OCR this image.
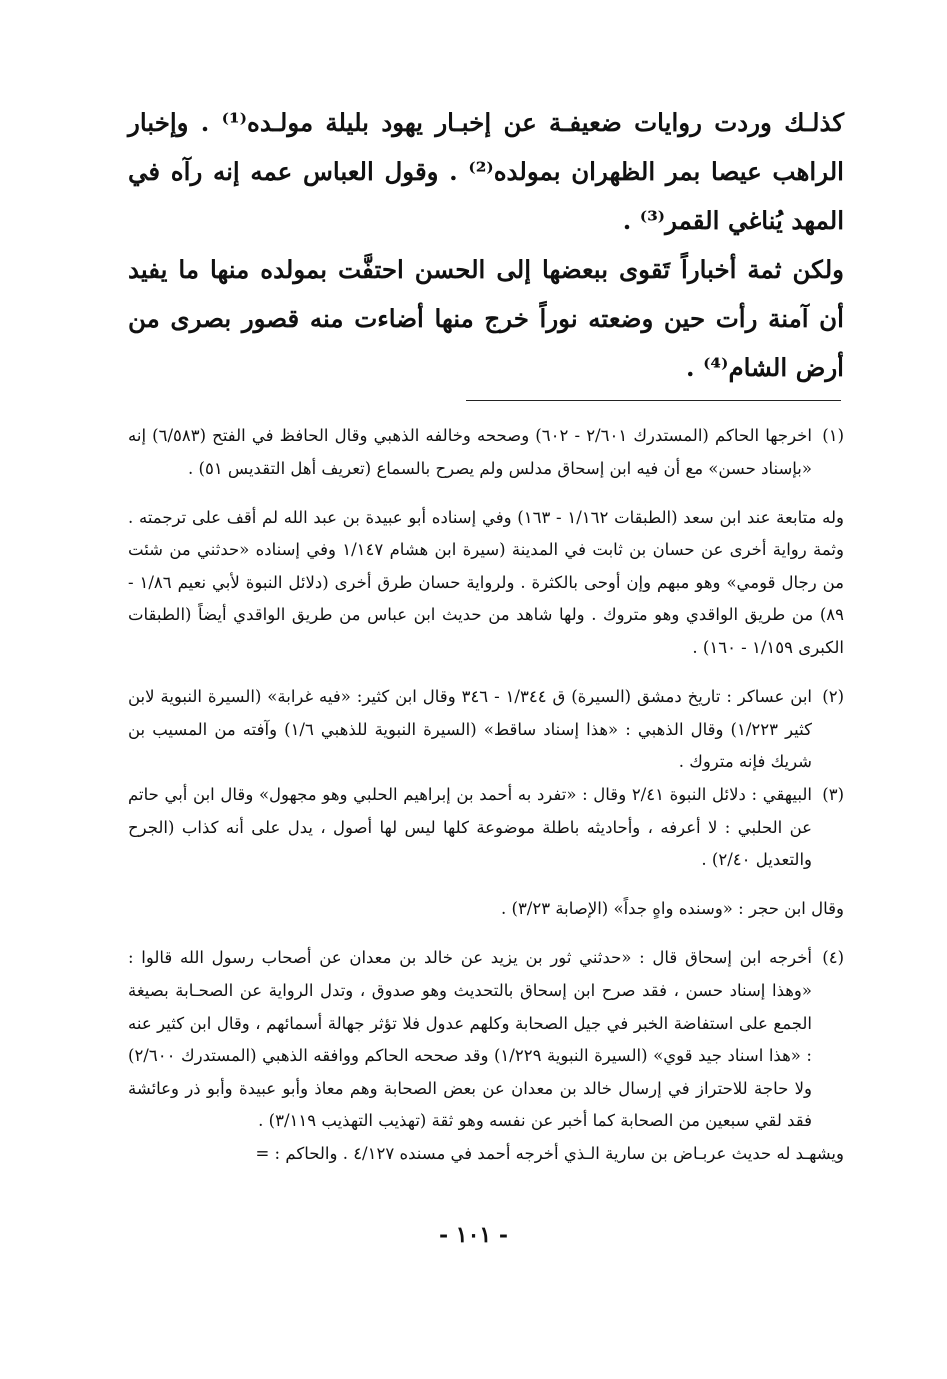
كذلـك وردت روايات ضعيفـة عن إخبـار يهود بليلة مولـده⁽¹⁾ . وإخبار الراهب عيصا بمر الظهران بمولده⁽²⁾ . وقول العباس عمه إنه رآه في المهد يُناغي القمر⁽³⁾ .

ولكن ثمة أخباراً تَقوى ببعضها إلى الحسن احتفَّت بمولده منها ما يفيد أن آمنة رأت حين وضعته نوراً خرج منها أضاءت منه قصور بصرى من أرض الشام⁽⁴⁾ .

(١)

اخرجها الحاكم (المستدرك ٢/٦٠١ - ٦٠٢) وصححه وخالفه الذهبي وقال الحافظ في الفتح (٦/٥٨٣) إنه «بإسناد حسن» مع أن فيه ابن إسحاق مدلس ولم يصرح بالسماع (تعريف أهل التقديس ٥١) .

وله متابعة عند ابن سعد (الطبقات ١/١٦٢ - ١٦٣) وفي إسناده أبو عبيدة بن عبد الله لم أقف على ترجمته . وثمة رواية أخرى عن حسان بن ثابت في المدينة (سيرة ابن هشام ١/١٤٧ وفي إسناده «حدثني من شئت من رجال قومي» وهو مبهم وإن أوحى بالكثرة . ولرواية حسان طرق أخرى (دلائل النبوة لأبي نعيم ١/٨٦ - ٨٩) من طريق الواقدي وهو متروك . ولها شاهد من حديث ابن عباس من طريق الواقدي أيضاً (الطبقات الكبرى ١/١٥٩ - ١٦٠) .

(٢)

ابن عساكر : تاريخ دمشق (السيرة) ق ١/٣٤٤ - ٣٤٦ وقال ابن كثير: «فيه غرابة» (السيرة النبوية لابن كثير ١/٢٢٣) وقال الذهبي : «هذا إسناد ساقط» (السيرة النبوية للذهبي ١/٦) وآفته من المسيب بن شريك فإنه متروك .

(٣)

البيهقي : دلائل النبوة ٢/٤١ وقال : «تفرد به أحمد بن إبراهيم الحلبي وهو مجهول» وقال ابن أبي حاتم عن الحلبي : لا أعرفه ، وأحاديثه باطلة موضوعة كلها ليس لها أصول ، يدل على أنه كذاب (الجرح والتعديل ٢/٤٠) .

وقال ابن حجر : «وسنده واهٍ جداً» (الإصابة ٣/٢٣) .

(٤)

أخرجه ابن إسحاق قال : «حدثني ثور بن يزيد عن خالد بن معدان عن أصحاب رسول الله قالوا : «وهذا إسناد حسن ، فقد صرح ابن إسحاق بالتحديث وهو صدوق ، وتدل الرواية عن الصحـابة بصيغة الجمع على استفاضة الخبر في جيل الصحابة وكلهم عدول فلا تؤثر جهالة أسمائهم ، وقال ابن كثير عنه : «هذا اسناد جيد قوي» (السيرة النبوية ١/٢٢٩) وقد صححه الحاكم ووافقه الذهبي (المستدرك ٢/٦٠٠) ولا حاجة للاحتراز في إرسال خالد بن معدان عن بعض الصحابة وهم معاذ وأبو عبيدة وأبو ذر وعائشة فقد لقي سبعين من الصحابة كما أخبر عن نفسه وهو ثقة (تهذيب التهذيب ٣/١١٩) .

ويشهـد له حديث عربـاض بن سارية الـذي أخرجه أحمد في مسنده ٤/١٢٧ . والحاكم : =

- ١٠١ -
